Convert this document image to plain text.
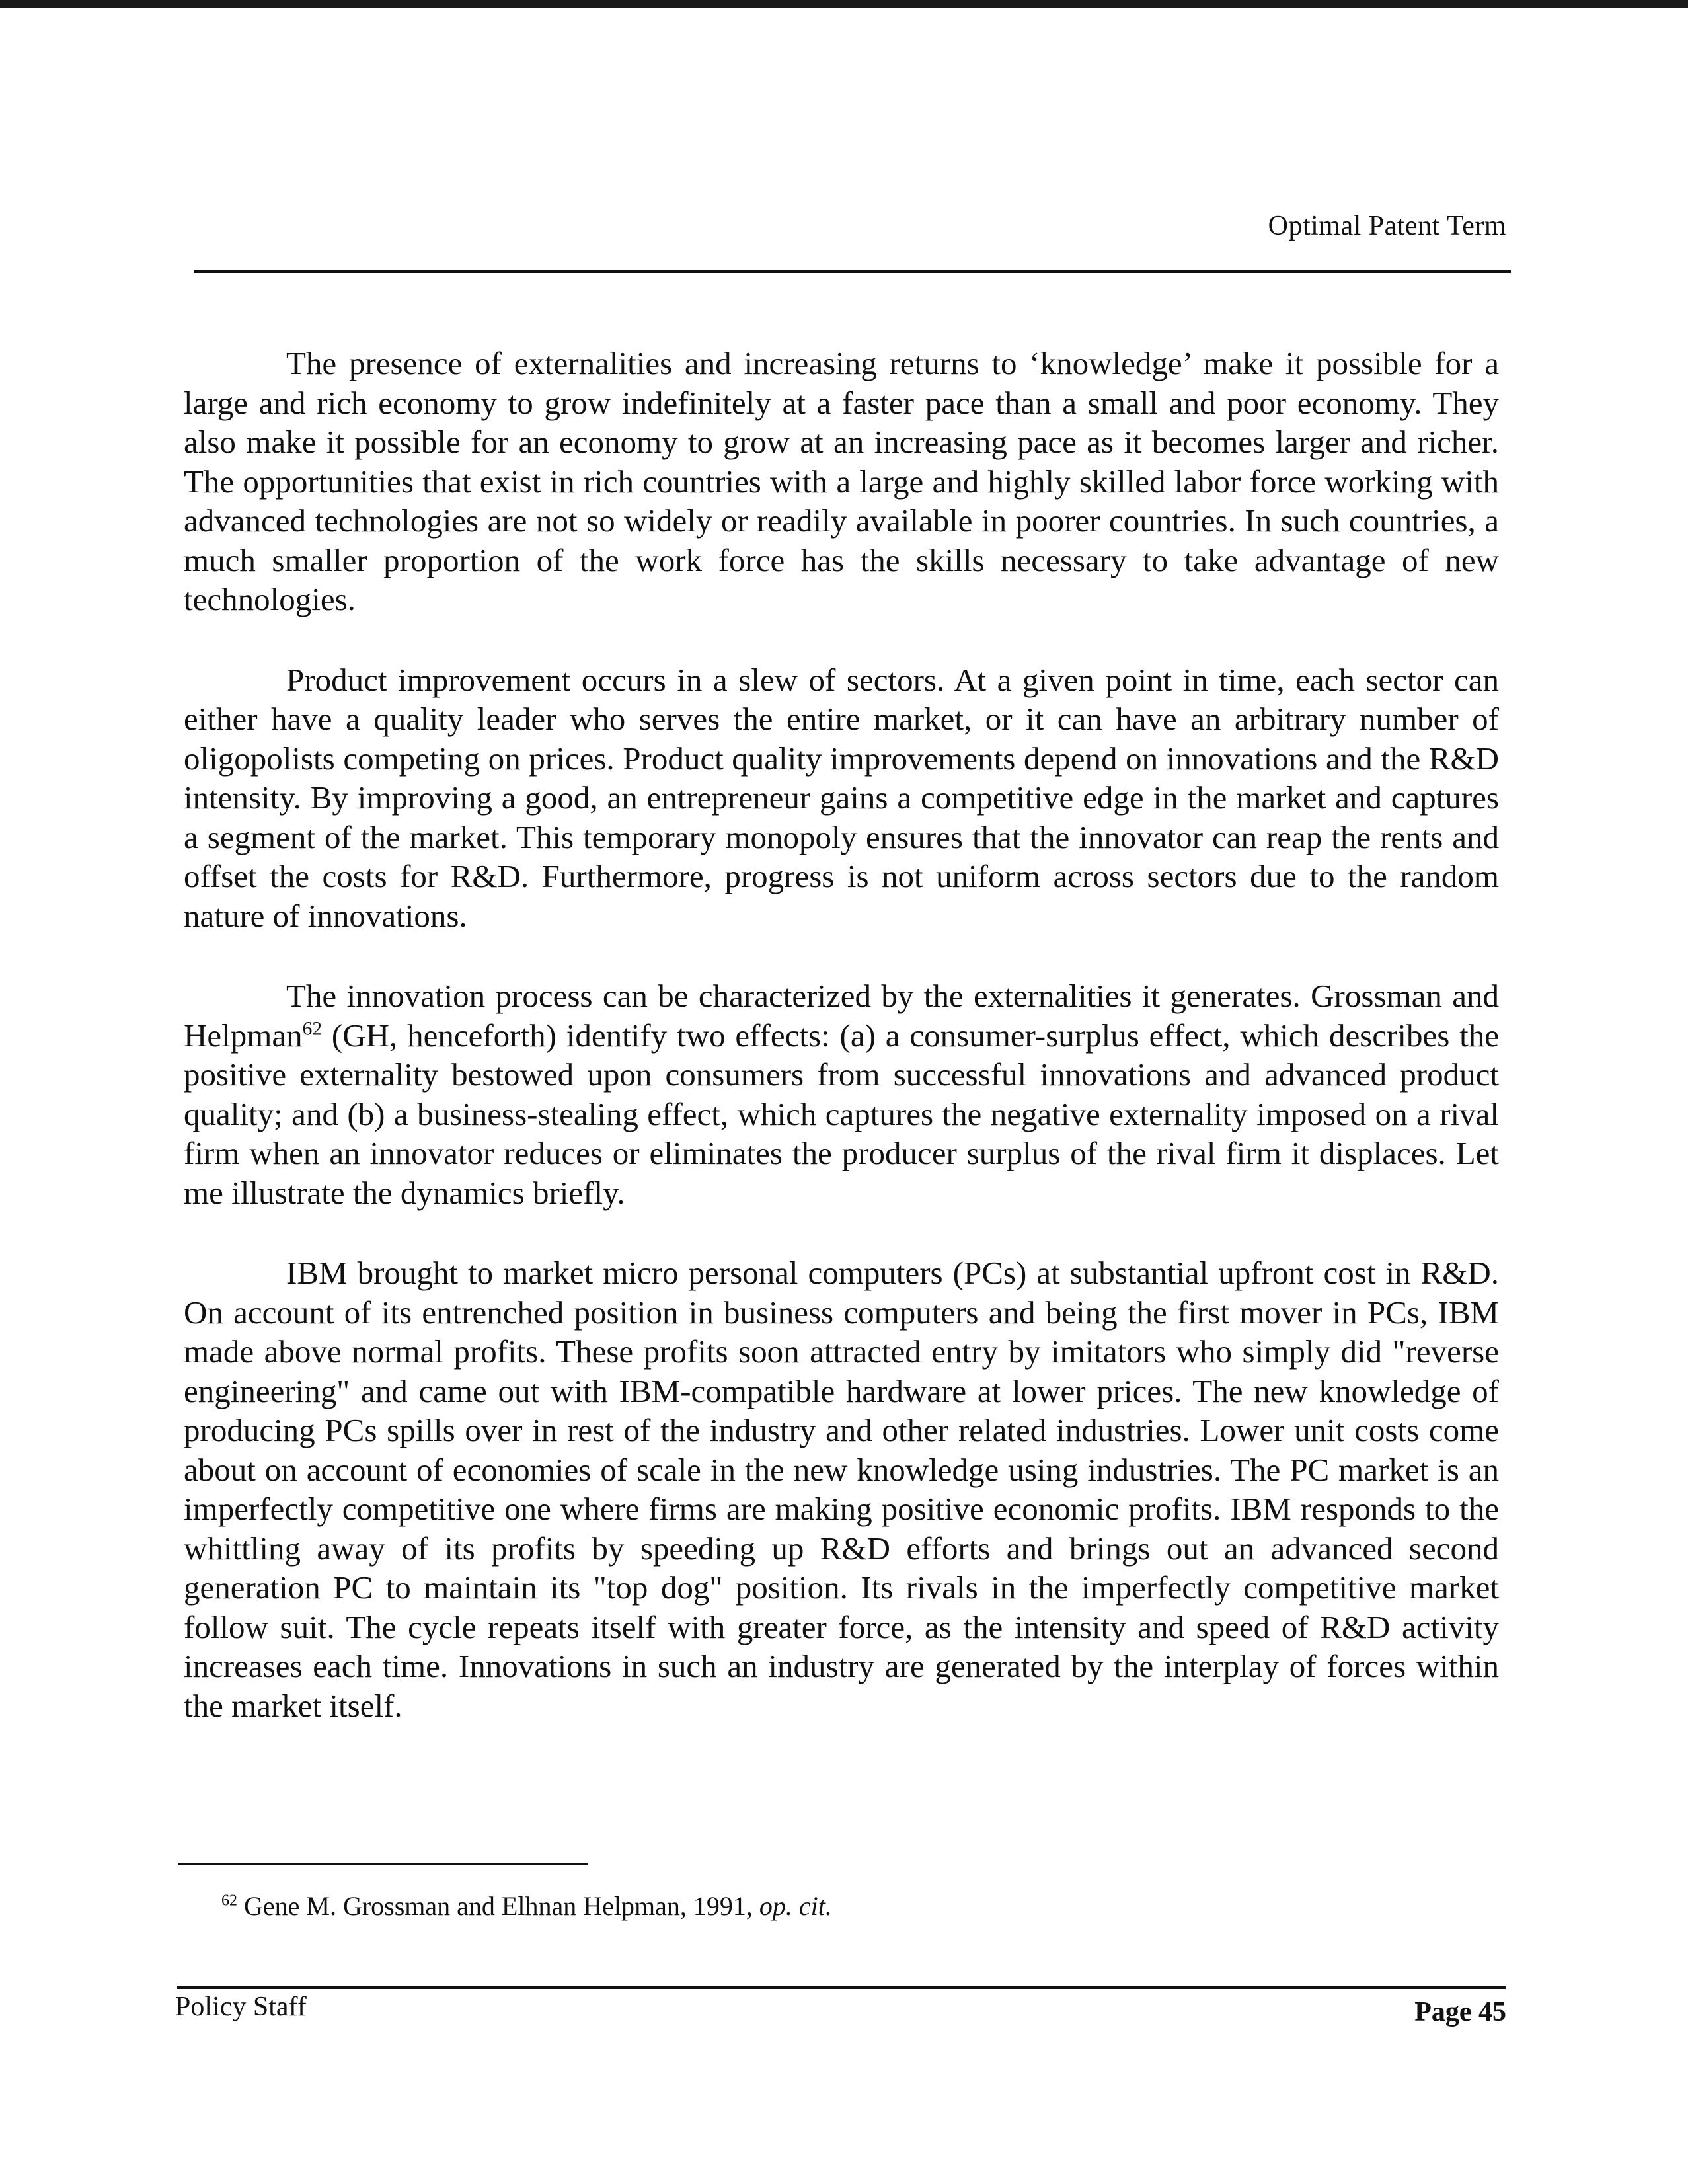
Optimal Patent Term

The presence of externalities and increasing returns to ‘knowledge’ make it possible for a large and rich economy to grow indefinitely at a faster pace than a small and poor economy. They also make it possible for an economy to grow at an increasing pace as it becomes larger and richer. The opportunities that exist in rich countries with a large and highly skilled labor force working with advanced technologies are not so widely or readily available in poorer countries. In such countries, a much smaller proportion of the work force has the skills necessary to take advantage of new technologies.

Product improvement occurs in a slew of sectors. At a given point in time, each sector can either have a quality leader who serves the entire market, or it can have an arbitrary number of oligopolists competing on prices. Product quality improvements depend on innovations and the R&D intensity. By improving a good, an entrepreneur gains a competitive edge in the market and captures a segment of the market. This temporary monopoly ensures that the innovator can reap the rents and offset the costs for R&D. Furthermore, progress is not uniform across sectors due to the random nature of innovations.

The innovation process can be characterized by the externalities it generates. Grossman and Helpman$^{62}$ (GH, henceforth) identify two effects: (a) a consumer-surplus effect, which describes the positive externality bestowed upon consumers from successful innovations and advanced product quality; and (b) a business-stealing effect, which captures the negative externality imposed on a rival firm when an innovator reduces or eliminates the producer surplus of the rival firm it displaces. Let me illustrate the dynamics briefly.

IBM brought to market micro personal computers (PCs) at substantial upfront cost in R&D. On account of its entrenched position in business computers and being the first mover in PCs, IBM made above normal profits. These profits soon attracted entry by imitators who simply did "reverse engineering" and came out with IBM-compatible hardware at lower prices. The new knowledge of producing PCs spills over in rest of the industry and other related industries. Lower unit costs come about on account of economies of scale in the new knowledge using industries. The PC market is an imperfectly competitive one where firms are making positive economic profits. IBM responds to the whittling away of its profits by speeding up R&D efforts and brings out an advanced second generation PC to maintain its "top dog" position. Its rivals in the imperfectly competitive market follow suit. The cycle repeats itself with greater force, as the intensity and speed of R&D activity increases each time. Innovations in such an industry are generated by the interplay of forces within the market itself.

$^{62}$ Gene M. Grossman and Elhnan Helpman, 1991, op. cit.
Policy Staff	Page 45
